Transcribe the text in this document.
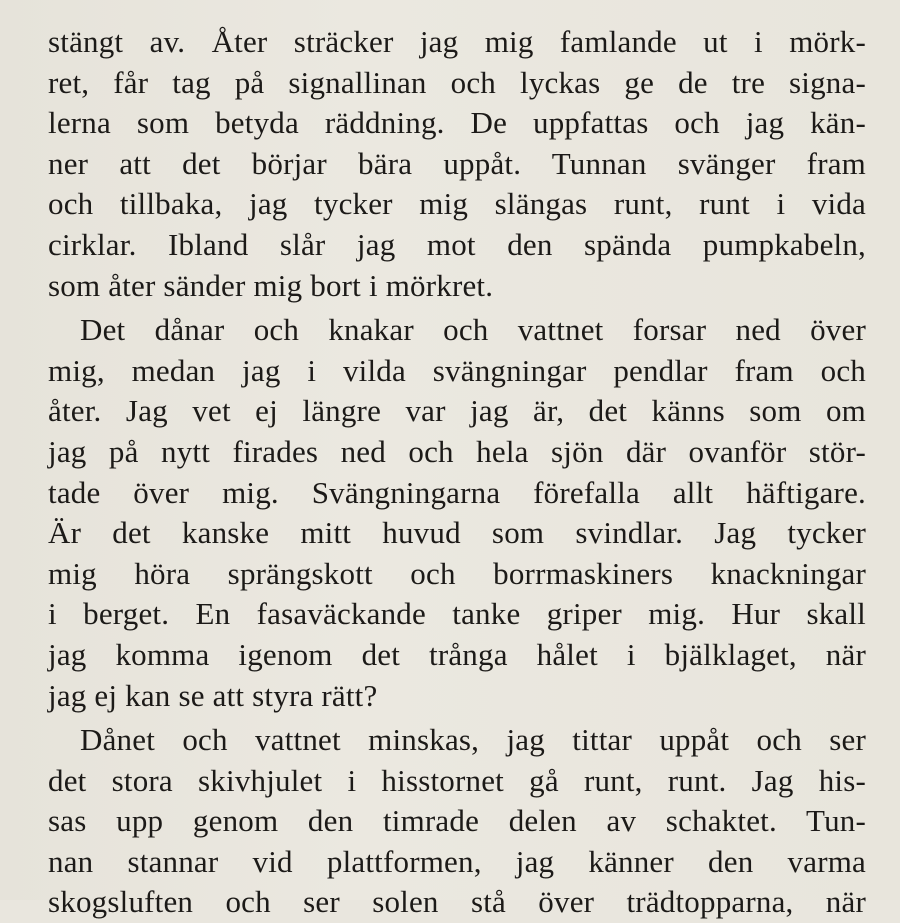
stängt av. Åter sträcker jag mig famlande ut i mörk-
ret, får tag på signallinan och lyckas ge de tre signa-
lerna som betyda räddning. De uppfattas och jag kän-
ner att det börjar bära uppåt. Tunnan svänger fram
och tillbaka, jag tycker mig slängas runt, runt i vida
cirklar. Ibland slår jag mot den spända pumpkabeln,
som åter sänder mig bort i mörkret.
Det dånar och knakar och vattnet forsar ned över
mig, medan jag i vilda svängningar pendlar fram och
åter. Jag vet ej längre var jag är, det känns som om
jag på nytt firades ned och hela sjön där ovanför stör-
tade över mig. Svängningarna förefalla allt häftigare.
Är det kanske mitt huvud som svindlar. Jag tycker
mig höra sprängskott och borrmaskiners knackningar
i berget. En fasaväckande tanke griper mig. Hur skall
jag komma igenom det trånga hålet i bjälklaget, när
jag ej kan se att styra rätt?
Dånet och vattnet minskas, jag tittar uppåt och ser
det stora skivhjulet i hisstornet gå runt, runt. Jag his-
sas upp genom den timrade delen av schaktet. Tun-
nan stannar vid plattformen, jag känner den varma
skogsluften och ser solen stå över trädtopparna, när
